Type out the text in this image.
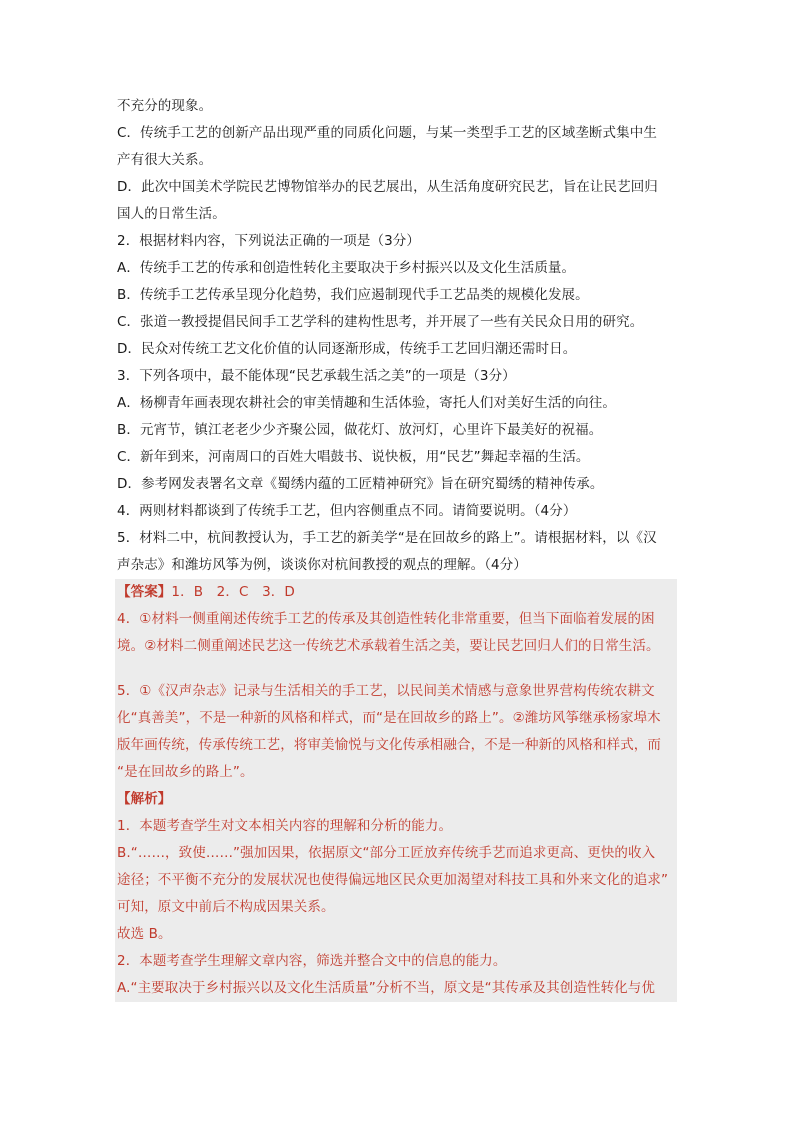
不充分的现象。
C．传统手工艺的创新产品出现严重的同质化问题，与某一类型手工艺的区域垄断式集中生
产有很大关系。
D．此次中国美术学院民艺博物馆举办的民艺展出，从生活角度研究民艺，旨在让民艺回归
国人的日常生活。
2．根据材料内容，下列说法正确的一项是（3分）
A．传统手工艺的传承和创造性转化主要取决于乡村振兴以及文化生活质量。
B．传统手工艺传承呈现分化趋势，我们应遏制现代手工艺品类的规模化发展。
C．张道一教授提倡民间手工艺学科的建构性思考，并开展了一些有关民众日用的研究。
D．民众对传统工艺文化价值的认同逐渐形成，传统手工艺回归潮还需时日。
3．下列各项中，最不能体现“民艺承载生活之美”的一项是（3分）
A．杨柳青年画表现农耕社会的审美情趣和生活体验，寄托人们对美好生活的向往。
B．元宵节，镇江老老少少齐聚公园，做花灯、放河灯，心里许下最美好的祝福。
C．新年到来，河南周口的百姓大唱鼓书、说快板，用“民艺”舞起幸福的生活。
D．参考网发表署名文章《蜀绣内蕴的工匠精神研究》旨在研究蜀绣的精神传承。
4．两则材料都谈到了传统手工艺，但内容侧重点不同。请简要说明。（4分）
5．材料二中，杭间教授认为，手工艺的新美学“是在回故乡的路上”。请根据材料，以《汉
声杂志》和潍坊风筝为例，谈谈你对杭间教授的观点的理解。（4分）
【答案】1．B　2．C　3．D
4．①材料一侧重阐述传统手工艺的传承及其创造性转化非常重要，但当下面临着发展的困
境。②材料二侧重阐述民艺这一传统艺术承载着生活之美，要让民艺回归人们的日常生活。
5．①《汉声杂志》记录与生活相关的手工艺，以民间美术情感与意象世界营构传统农耕文
化“真善美”，不是一种新的风格和样式，而“是在回故乡的路上”。②潍坊风筝继承杨家埠木
版年画传统，传承传统工艺，将审美愉悦与文化传承相融合，不是一种新的风格和样式，而
“是在回故乡的路上”。
【解析】
1．本题考查学生对文本相关内容的理解和分析的能力。
B.“……，致使……”强加因果，依据原文“部分工匠放弃传统手艺而追求更高、更快的收入
途径；不平衡不充分的发展状况也使得偏远地区民众更加渴望对科技工具和外来文化的追求”
可知，原文中前后不构成因果关系。
故选 B。
2．本题考查学生理解文章内容，筛选并整合文中的信息的能力。
A.“主要取决于乡村振兴以及文化生活质量”分析不当，原文是“其传承及其创造性转化与优
